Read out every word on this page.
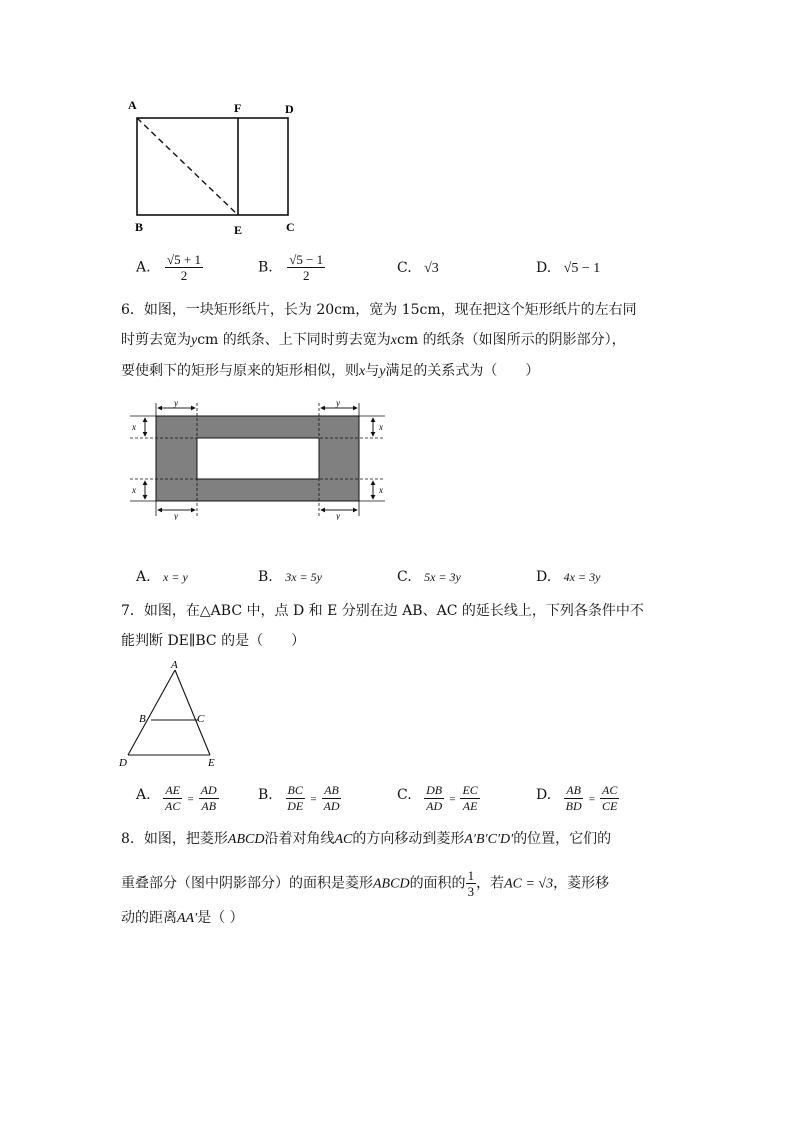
A	F	D
B	E	C
A. $\frac{√5 + 1}{2}$	B. $\frac{√5 - 1}{2}$	C. √3	D. √5 − 1
6．如图，一块矩形纸片，长为 20cm，宽为 15cm，现在把这个矩形纸片的左右同
时剪去宽为ycm 的纸条、上下同时剪去宽为xcm 的纸条（如图所示的阴影部分），
要使剩下的矩形与原来的矩形相似，则x与y满足的关系式为（　　）
y	y
y	y
x
x
x
x
A. x = y	B. 3x = 5y	C. 5x = 3y	D. 4x = 3y
7．如图，在△ABC 中，点 D 和 E 分别在边 AB、AC 的延长线上，下列各条件中不
能判断 DE∥BC 的是（　　）
A
B	C
D	E
A. $\frac{AE}{AC} = \frac{AD}{AB}$	B. $\frac{BC}{DE} = \frac{AB}{AD}$	C. $\frac{DB}{AD} = \frac{EC}{AE}$	D. $\frac{AB}{BD} = \frac{AC}{CE}$
8．如图，把菱形ABCD沿着对角线AC的方向移动到菱形A′B′C′D′的位置，它们的
重叠部分（图中阴影部分）的面积是菱形ABCD的面积的 $\frac{1}{3}$ ，若AC = √3，菱形移
动的距离AA′是（ ）
